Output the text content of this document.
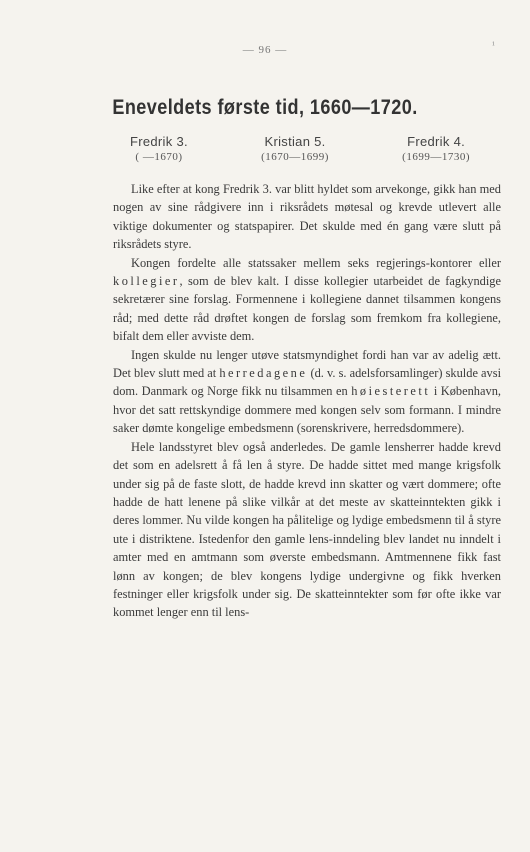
— 96 —	¹
Eneveldets første tid, 1660—1720.
Fredrik 3.
( —1670)
Kristian 5.
(1670—1699)
Fredrik 4.
(1699—1730)

Like efter at kong Fredrik 3. var blitt hyldet som arvekonge, gikk han med nogen av sine rådgivere inn i riksrådets møtesal og krevde utlevert alle viktige dokumenter og statspapirer. Det skulde med én gang være slutt på riksrådets styre.

Kongen fordelte alle statssaker mellem seks regjerings-kontorer eller kollegier, som de blev kalt. I disse kollegier utarbeidet de fagkyndige sekretærer sine forslag. Formennene i kollegiene dannet tilsammen kongens råd; med dette råd drøftet kongen de forslag som fremkom fra kollegiene, bifalt dem eller avviste dem.

Ingen skulde nu lenger utøve statsmyndighet fordi han var av adelig ætt. Det blev slutt med at herredagene (d. v. s. adelsforsamlinger) skulde avsi dom. Danmark og Norge fikk nu tilsammen en høiesterett i København, hvor det satt rettskyndige dommere med kongen selv som formann. I mindre saker dømte kongelige embedsmenn (sorenskrivere, herredsdommere).

Hele landsstyret blev også anderledes. De gamle lensherrer hadde krevd det som en adelsrett å få len å styre. De hadde sittet med mange krigsfolk under sig på de faste slott, de hadde krevd inn skatter og vært dommere; ofte hadde de hatt lenene på slike vilkår at det meste av skatteinntekten gikk i deres lommer. Nu vilde kongen ha pålitelige og lydige embedsmenn til å styre ute i distriktene. Istedenfor den gamle lens-inndeling blev landet nu inndelt i amter med en amtmann som øverste embedsmann. Amtmennene fikk fast lønn av kongen; de blev kongens lydige undergivne og fikk hverken festninger eller krigsfolk under sig. De skatteinntekter som før ofte ikke var kommet lenger enn til lens-
